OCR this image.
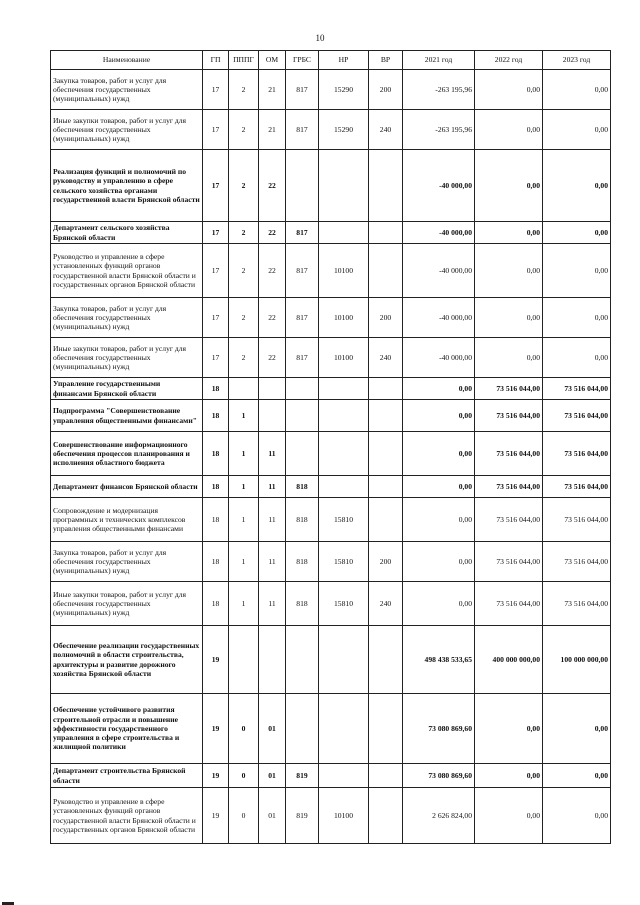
10
Наименование	ГП	ПППГ	ОМ	ГРБС	НР	ВР	2021 год	2022 год	2023 год
Закупка товаров, работ и услуг для обеспечения государственных (муниципальных) нужд	17	2	21	817	15290	200	-263 195,96	0,00	0,00
Иные закупки товаров, работ и услуг для обеспечения государственных (муниципальных) нужд	17	2	21	817	15290	240	-263 195,96	0,00	0,00
Реализация функций и полномочий по руководству и управлению в сфере сельского хозяйства органами государственной власти Брянской области	17	2	22				-40 000,00	0,00	0,00
Департамент сельского хозяйства Брянской области	17	2	22	817			-40 000,00	0,00	0,00
Руководство и управление в сфере установленных функций органов государственной власти Брянской области и государственных органов Брянской области	17	2	22	817	10100		-40 000,00	0,00	0,00
Закупка товаров, работ и услуг для обеспечения государственных (муниципальных) нужд	17	2	22	817	10100	200	-40 000,00	0,00	0,00
Иные закупки товаров, работ и услуг для обеспечения государственных (муниципальных) нужд	17	2	22	817	10100	240	-40 000,00	0,00	0,00
Управление государственными финансами Брянской области	18						0,00	73 516 044,00	73 516 044,00
Подпрограмма "Совершенствование управления общественными финансами"	18	1					0,00	73 516 044,00	73 516 044,00
Совершенствование информационного обеспечения процессов планирования и исполнения областного бюджета	18	1	11				0,00	73 516 044,00	73 516 044,00
Департамент финансов Брянской области	18	1	11	818			0,00	73 516 044,00	73 516 044,00
Сопровождение и модернизация программных и технических комплексов управления общественными финансами	18	1	11	818	15810		0,00	73 516 044,00	73 516 044,00
Закупка товаров, работ и услуг для обеспечения государственных (муниципальных) нужд	18	1	11	818	15810	200	0,00	73 516 044,00	73 516 044,00
Иные закупки товаров, работ и услуг для обеспечения государственных (муниципальных) нужд	18	1	11	818	15810	240	0,00	73 516 044,00	73 516 044,00
Обеспечение реализации государственных полномочий в области строительства, архитектуры и развитие дорожного хозяйства Брянской области	19						498 438 533,65	400 000 000,00	100 000 000,00
Обеспечение устойчивого развития строительной отрасли и повышение эффективности государственного управления в сфере строительства и жилищной политики	19	0	01				73 080 869,60	0,00	0,00
Департамент строительства Брянской области	19	0	01	819			73 080 869,60	0,00	0,00
Руководство и управление в сфере установленных функций органов государственной власти Брянской области и государственных органов Брянской области	19	0	01	819	10100		2 626 824,00	0,00	0,00
